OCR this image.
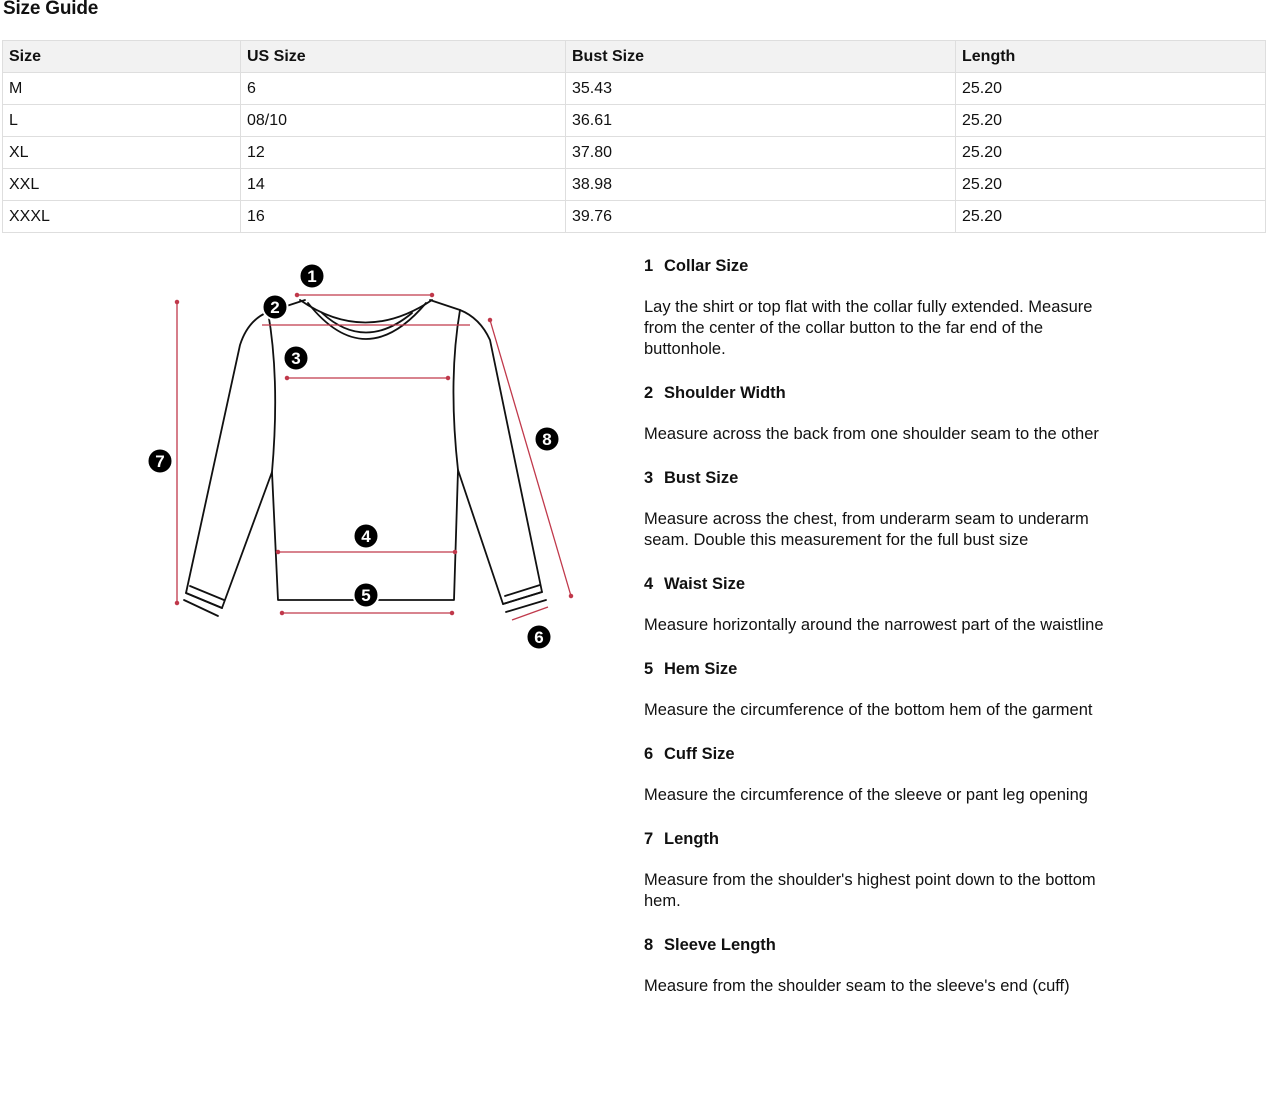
Size Guide
Size	US Size	Bust Size	Length
M	6	35.43	25.20
L	08/10	36.61	25.20
XL	12	37.80	25.20
XXL	14	38.98	25.20
XXXL	16	39.76	25.20
1
2
3
4
5
6
7
8
1 Collar Size
Lay the shirt or top flat with the collar fully extended. Measure from the center of the collar button to the far end of the buttonhole.
2 Shoulder Width
Measure across the back from one shoulder seam to the other
3 Bust Size
Measure across the chest, from underarm seam to underarm seam. Double this measurement for the full bust size
4 Waist Size
Measure horizontally around the narrowest part of the waistline
5 Hem Size
Measure the circumference of the bottom hem of the garment
6 Cuff Size
Measure the circumference of the sleeve or pant leg opening
7 Length
Measure from the shoulder's highest point down to the bottom hem.
8 Sleeve Length
Measure from the shoulder seam to the sleeve's end (cuff)
